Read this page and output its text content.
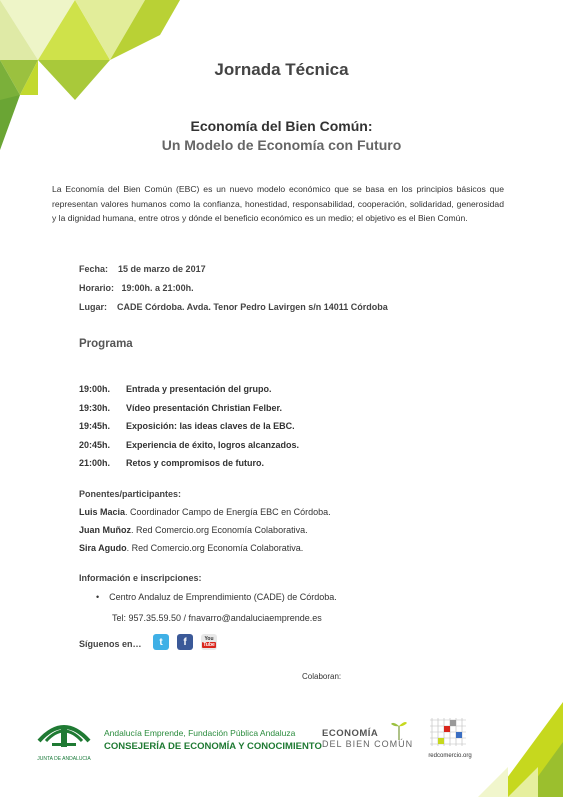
Jornada Técnica
Economía del Bien Común:
Un Modelo de Economía con Futuro
La Economía del Bien Común (EBC) es un nuevo modelo económico que se basa en los principios básicos que representan valores humanos como la confianza, honestidad, responsabilidad, cooperación, solidaridad, generosidad y la dignidad humana, entre otros y dónde el beneficio económico es un medio; el objetivo es el Bien Común.
Fecha: 15 de marzo de 2017
Horario: 19:00h. a 21:00h.
Lugar: CADE Córdoba. Avda. Tenor Pedro Lavirgen s/n 14011 Córdoba
Programa
19:00h. Entrada y presentación del grupo.
19:30h. Vídeo presentación Christian Felber.
19:45h. Exposición: las ideas claves de la EBC.
20:45h. Experiencia de éxito, logros alcanzados.
21:00h. Retos y compromisos de futuro.
Ponentes/participantes:
Luis Macia. Coordinador Campo de Energía EBC en Córdoba.
Juan Muñoz. Red Comercio.org Economía Colaborativa.
Sira Agudo. Red Comercio.org Economía Colaborativa.
Información e inscripciones:
• Centro Andaluz de Emprendimiento (CADE) de Córdoba.
Tel: 957.35.59.50 / fnavarro@andaluciaemprende.es
Síguenos en… t f	You
Tube
Colaboran:
JUNTA DE ANDALUCIA
Andalucía Emprende, Fundación Pública Andaluza
CONSEJERÍA DE ECONOMÍA Y CONOCIMIENTO
ECONOMÍA
DEL BIEN COMÚN
redcomercio.org
